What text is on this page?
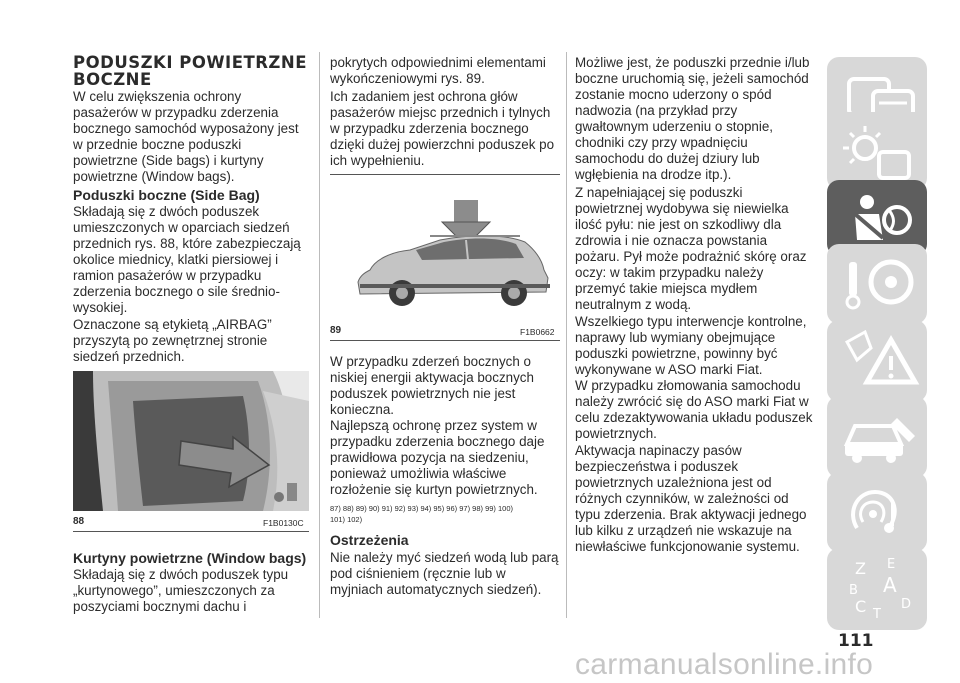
PODUSZKI POWIETRZNE BOCZNE
W celu zwiększenia ochrony pasażerów w przypadku zderzenia bocznego samochód wyposażony jest w przednie boczne poduszki powietrzne (Side bags) i kurtyny powietrzne (Window bags).
Poduszki boczne (Side Bag)
Składają się z dwóch poduszek umieszczonych w oparciach siedzeń przednich rys. 88, które zabezpieczają okolice miednicy, klatki piersiowej i ramion pasażerów w przypadku zderzenia bocznego o sile średnio-wysokiej.
Oznaczone są etykietą „AIRBAG” przyszytą po zewnętrznej stronie siedzeń przednich.
88	F1B0130C
Kurtyny powietrzne (Window bags)
Składają się z dwóch poduszek typu „kurtynowego”, umieszczonych za poszyciami bocznymi dachu i
pokrytych odpowiednimi elementami wykończeniowymi rys. 89.
Ich zadaniem jest ochrona głów pasażerów miejsc przednich i tylnych w przypadku zderzenia bocznego dzięki dużej powierzchni poduszek po ich wypełnieniu.
89	F1B0662
W przypadku zderzeń bocznych o niskiej energii aktywacja bocznych poduszek powietrznych nie jest konieczna.
Najlepszą ochronę przez system w przypadku zderzenia bocznego daje prawidłowa pozycja na siedzeniu, ponieważ umożliwia właściwe rozłożenie się kurtyn powietrznych.
87) 88) 89) 90) 91) 92) 93) 94) 95) 96) 97) 98) 99) 100)
101) 102)
Ostrzeżenia
Nie należy myć siedzeń wodą lub parą pod ciśnieniem (ręcznie lub w myjniach automatycznych siedzeń).
Możliwe jest, że poduszki przednie i/lub boczne uruchomią się, jeżeli samochód zostanie mocno uderzony o spód nadwozia (na przykład przy gwałtownym uderzeniu o stopnie, chodniki czy przy wpadnięciu samochodu do dużej dziury lub wgłębienia na drodze itp.).
Z napełniającej się poduszki powietrznej wydobywa się niewielka ilość pyłu: nie jest on szkodliwy dla zdrowia i nie oznacza powstania pożaru. Pył może podrażnić skórę oraz oczy: w takim przypadku należy przemyć takie miejsca mydłem neutralnym z wodą.
Wszelkiego typu interwencje kontrolne, naprawy lub wymiany obejmujące poduszki powietrzne, powinny być wykonywane w ASO marki Fiat.
W przypadku złomowania samochodu należy zwrócić się do ASO marki Fiat w celu zdezaktywowania układu poduszek powietrznych.
Aktywacja napinaczy pasów bezpieczeństwa i poduszek powietrznych uzależniona jest od różnych czynników, w zależności od typu zderzenia. Brak aktywacji jednego lub kilku z urządzeń nie wskazuje na niewłaściwe funkcjonowanie systemu.
Z E
B A
C T
D
111
carmanualsonline.info
